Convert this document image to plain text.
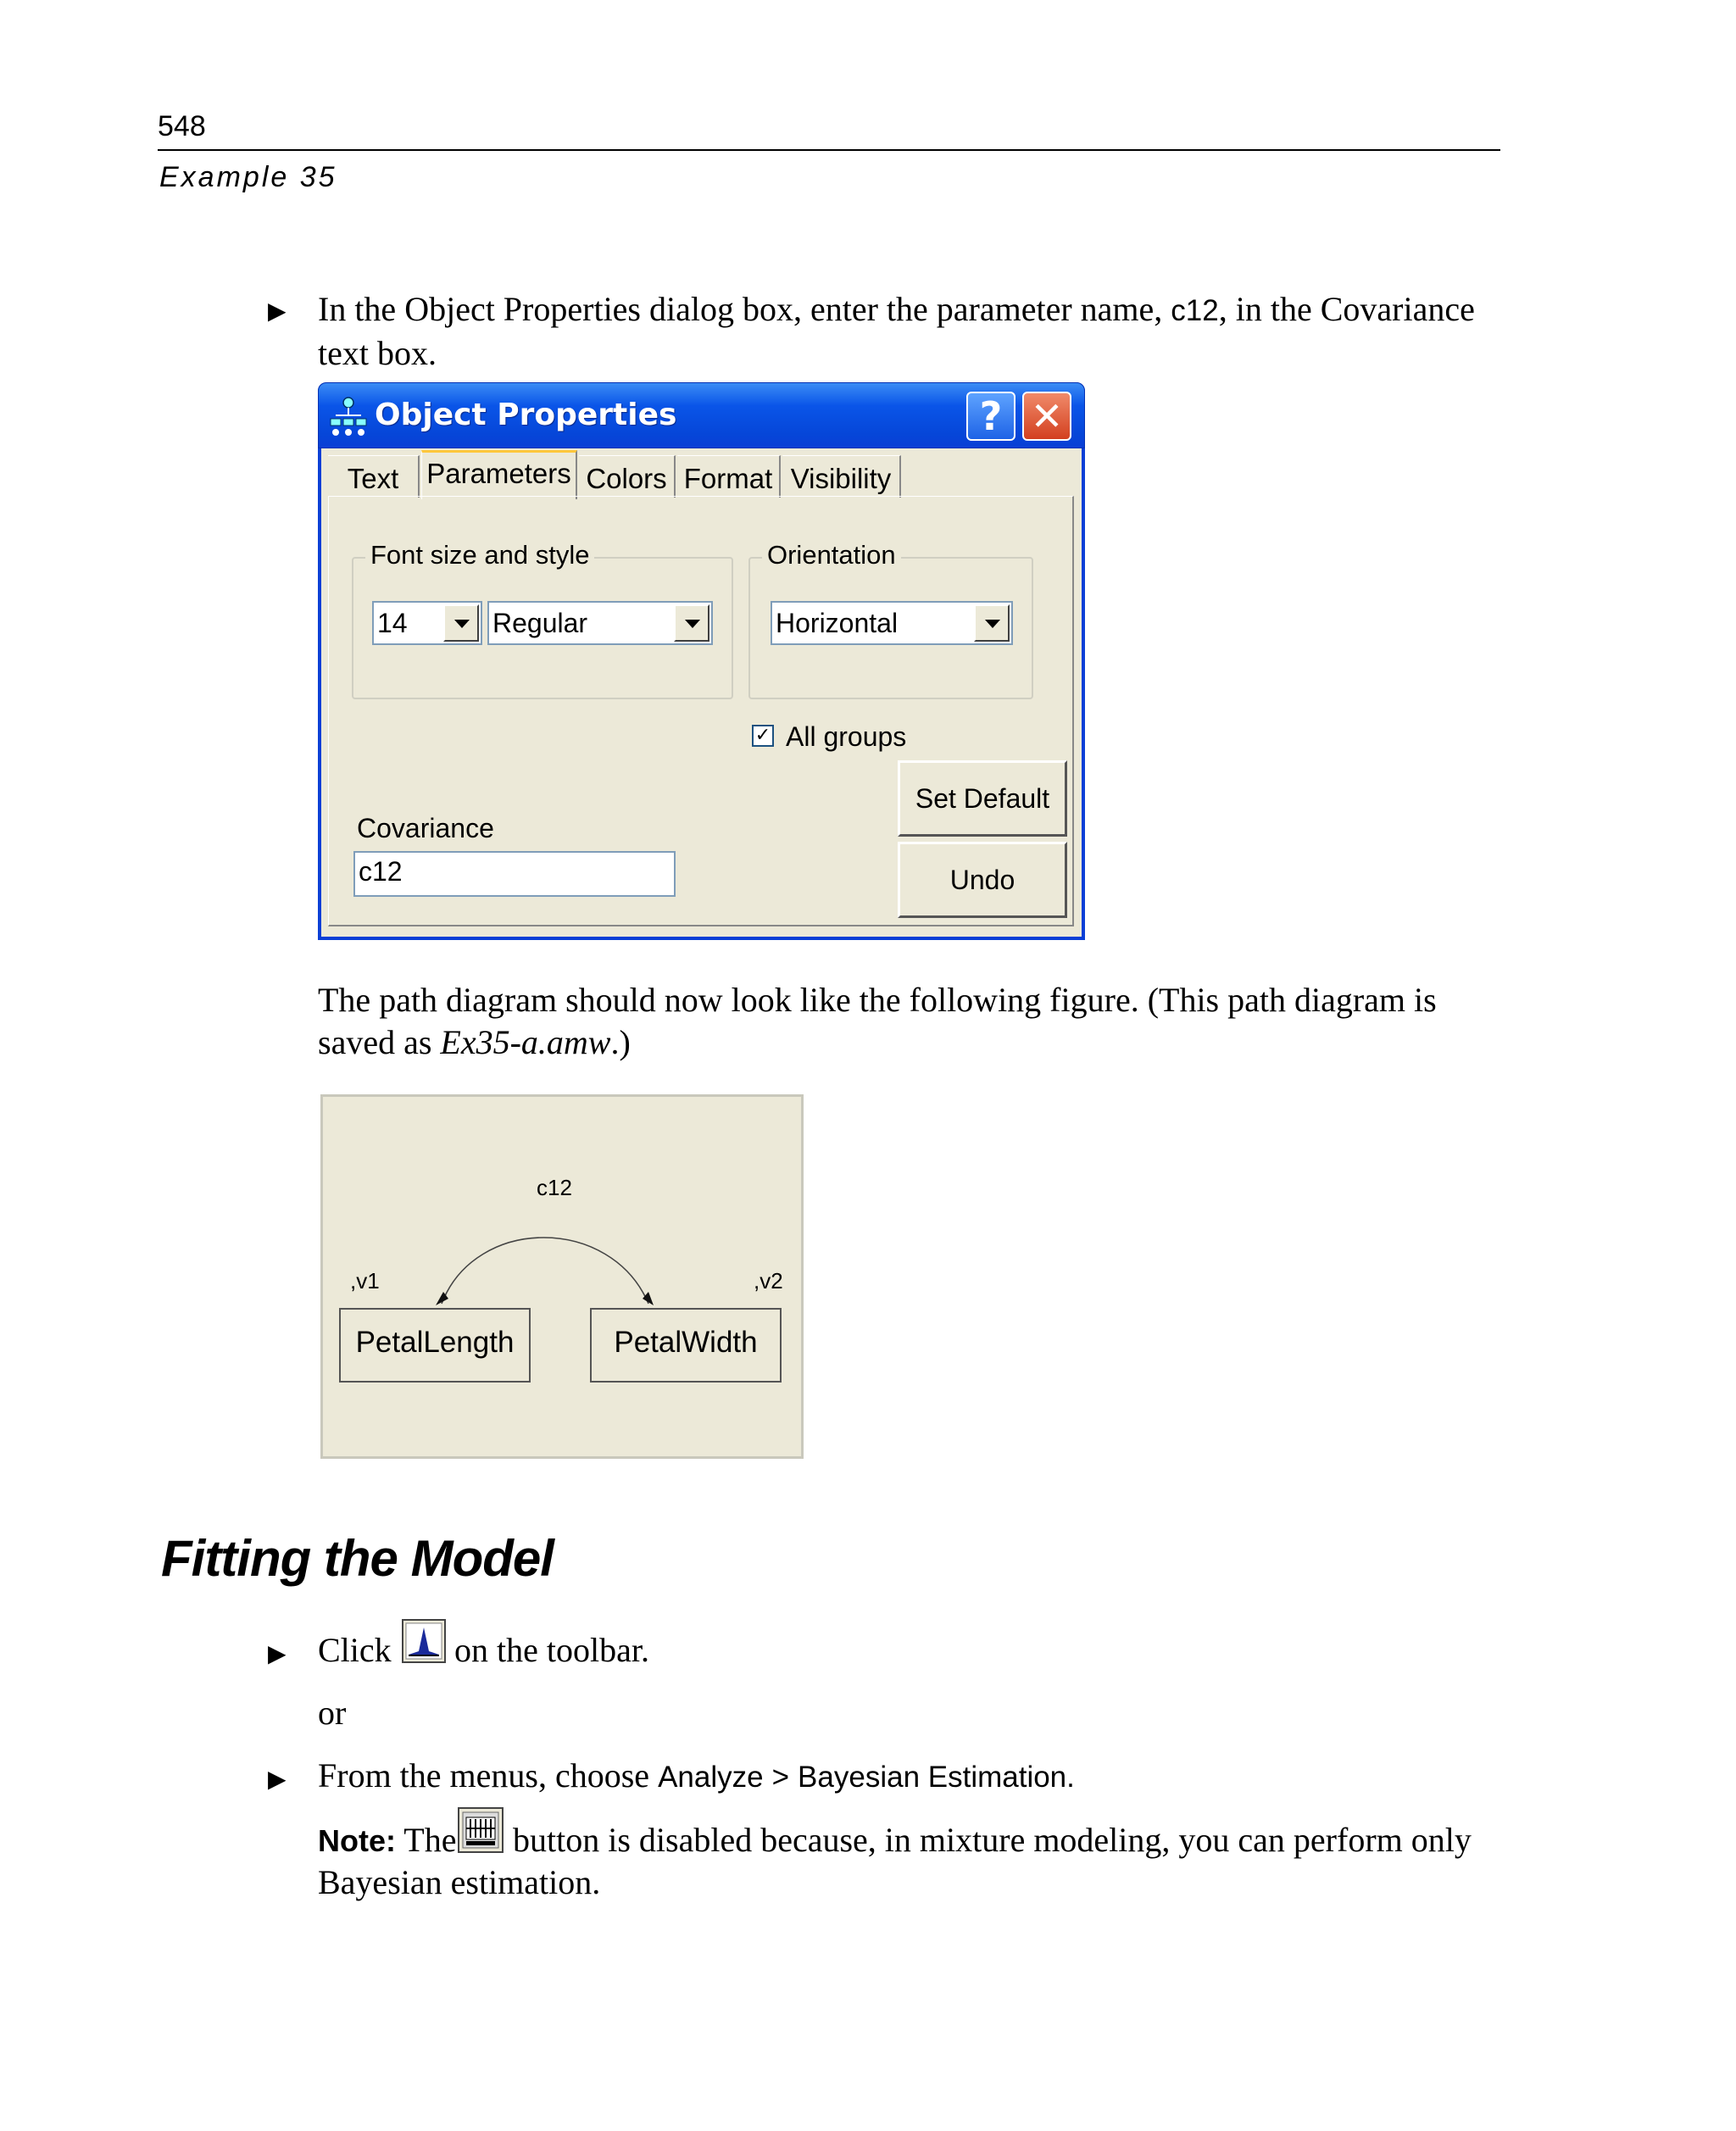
548
Example 35
▶ In the Object Properties dialog box, enter the parameter name, c12, in the Covariance
text box.
Object Properties	? ✕
Text Parameters Colors Format Visibility
Font size and style
14	Regular
Orientation
Horizontal
✓ All groups
Set Default
Undo
Covariance
c12
The path diagram should now look like the following figure. (This path diagram is
saved as Ex35-a.amw.)
c12
,v1	,v2
PetalLength	PetalWidth
Fitting the Model
▶ Click on the toolbar.
or
▶ From the menus, choose Analyze > Bayesian Estimation.
Note: The button is disabled because, in mixture modeling, you can perform only
Bayesian estimation.
